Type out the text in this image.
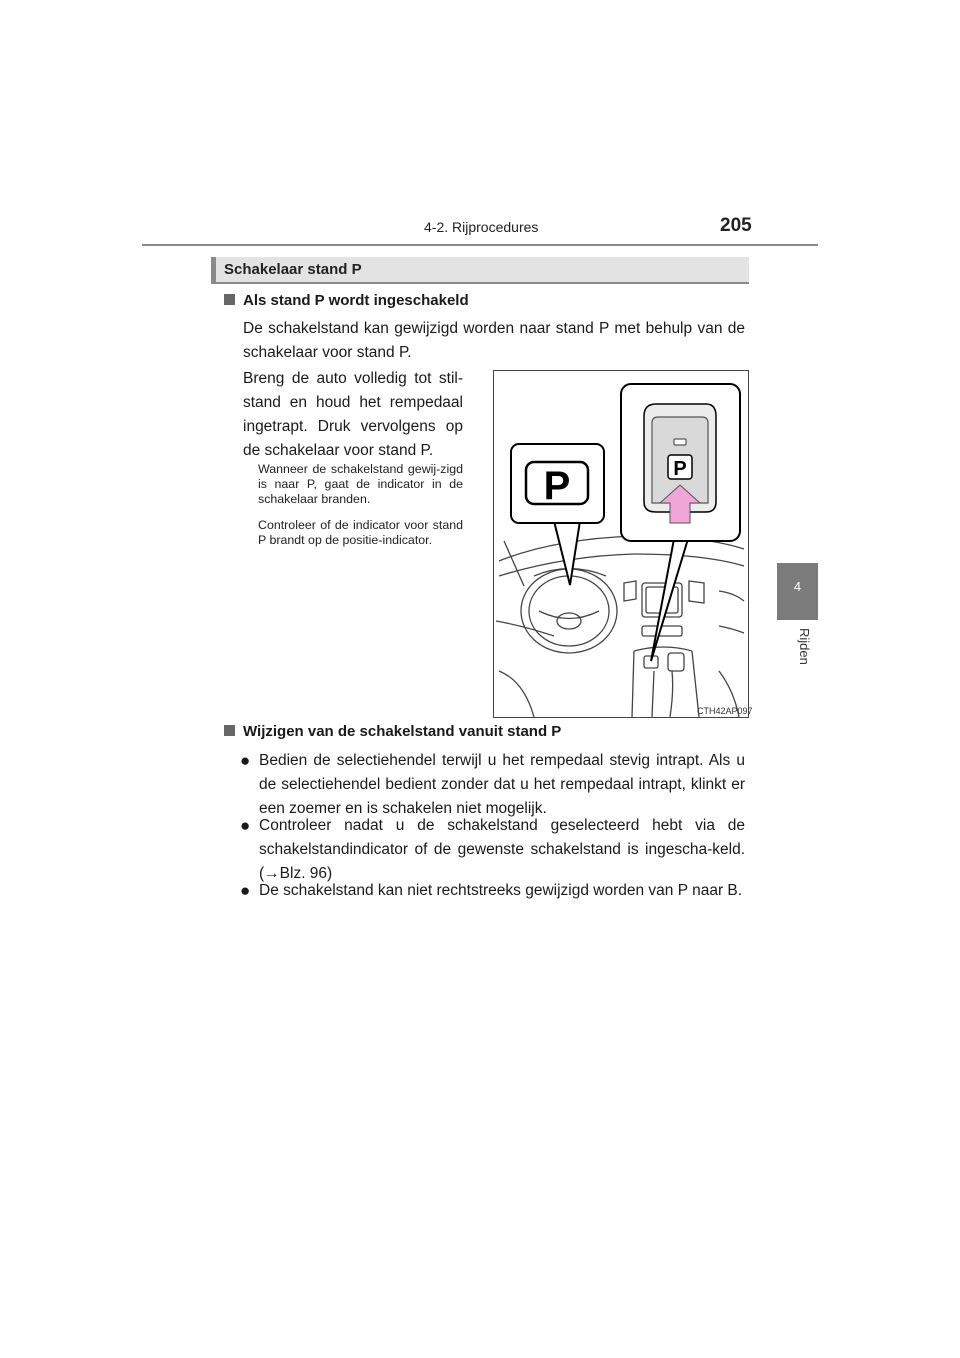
4-2. Rijprocedures	205
4
Rijden
Schakelaar stand P
Als stand P wordt ingeschakeld
De schakelstand kan gewijzigd worden naar stand P met behulp van de schakelaar voor stand P.
Breng de auto volledig tot stil-stand en houd het rempedaal ingetrapt. Druk vervolgens op de schakelaar voor stand P.
Wanneer de schakelstand gewij-zigd is naar P, gaat de indicator in de schakelaar branden.
Controleer of de indicator voor stand P brandt op de positie-indicator.
P	P
CTH42AP097
Wijzigen van de schakelstand vanuit stand P
● Bedien de selectiehendel terwijl u het rempedaal stevig intrapt. Als u de selectiehendel bedient zonder dat u het rempedaal intrapt, klinkt er een zoemer en is schakelen niet mogelijk.
● Controleer nadat u de schakelstand geselecteerd hebt via de schakelstandindicator of de gewenste schakelstand is ingescha-keld. (→Blz. 96)
● De schakelstand kan niet rechtstreeks gewijzigd worden van P naar B.
